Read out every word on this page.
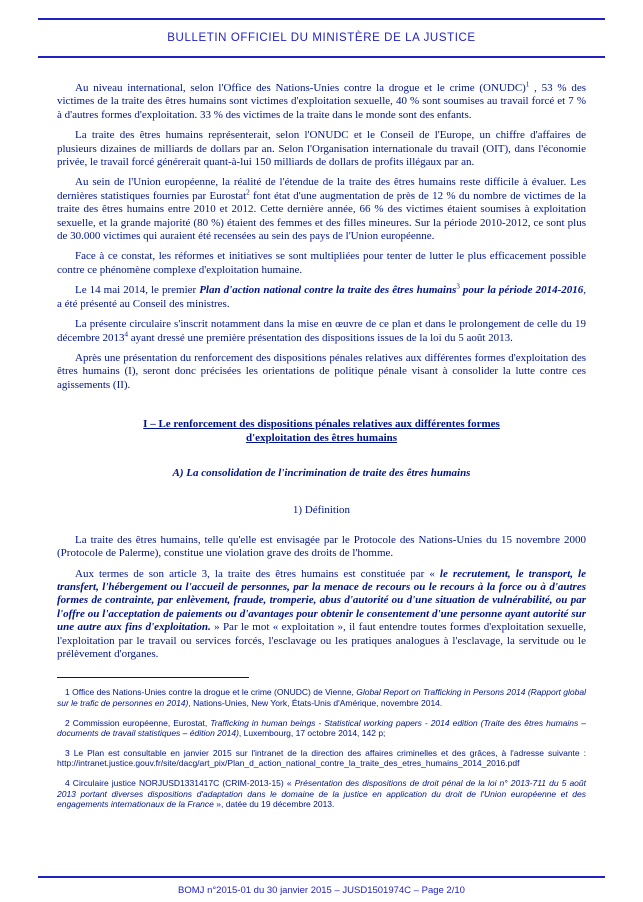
BULLETIN OFFICIEL DU MINISTÈRE DE LA JUSTICE

Au niveau international, selon l'Office des Nations-Unies contre la drogue et le crime (ONUDC)$^1$ , 53 % des victimes de la traite des êtres humains sont victimes d'exploitation sexuelle, 40 % sont soumises au travail forcé et 7 % à d'autres formes d'exploitation. 33 % des victimes de la traite dans le monde sont des enfants.

La traite des êtres humains représenterait, selon l'ONUDC et le Conseil de l'Europe, un chiffre d'affaires de plusieurs dizaines de milliards de dollars par an. Selon l'Organisation internationale du travail (OIT), dans l'économie privée, le travail forcé générerait quant-à-lui 150 milliards de dollars de profits illégaux par an.

Au sein de l'Union européenne, la réalité de l'étendue de la traite des êtres humains reste difficile à évaluer. Les dernières statistiques fournies par Eurostat$^2$ font état d'une augmentation de près de 12 % du nombre de victimes de la traite des êtres humains entre 2010 et 2012. Cette dernière année, 66 % des victimes étaient soumises à exploitation sexuelle, et la grande majorité (80 %) étaient des femmes et des filles mineures. Sur la période 2010-2012, ce sont plus de 30.000 victimes qui auraient été recensées au sein des pays de l'Union européenne.

Face à ce constat, les réformes et initiatives se sont multipliées pour tenter de lutter le plus efficacement possible contre ce phénomène complexe d'exploitation humaine.

Le 14 mai 2014, le premier Plan d'action national contre la traite des êtres humains$^3$ pour la période 2014-2016, a été présenté au Conseil des ministres.

La présente circulaire s'inscrit notamment dans la mise en œuvre de ce plan et dans le prolongement de celle du 19 décembre 2013$^4$ ayant dressé une première présentation des dispositions issues de la loi du 5 août 2013.

Après une présentation du renforcement des dispositions pénales relatives aux différentes formes d'exploitation des êtres humains (I), seront donc précisées les orientations de politique pénale visant à consolider la lutte contre ces agissements (II).

I – Le renforcement des dispositions pénales relatives aux différentes formes d'exploitation des êtres humains

A) La consolidation de l'incrimination de traite des êtres humains

1) Définition

La traite des êtres humains, telle qu'elle est envisagée par le Protocole des Nations-Unies du 15 novembre 2000 (Protocole de Palerme), constitue une violation grave des droits de l'homme.

Aux termes de son article 3, la traite des êtres humains est constituée par « le recrutement, le transport, le transfert, l'hébergement ou l'accueil de personnes, par la menace de recours ou le recours à la force ou à d'autres formes de contrainte, par enlèvement, fraude, tromperie, abus d'autorité ou d'une situation de vulnérabilité, ou par l'offre ou l'acceptation de paiements ou d'avantages pour obtenir le consentement d'une personne ayant autorité sur une autre aux fins d'exploitation. » Par le mot « exploitation », il faut entendre toutes formes d'exploitation sexuelle, l'exploitation par le travail ou services forcés, l'esclavage ou les pratiques analogues à l'esclavage, la servitude ou le prélèvement d'organes.

1 Office des Nations-Unies contre la drogue et le crime (ONUDC) de Vienne, Global Report on Trafficking in Persons 2014 (Rapport global sur le trafic de personnes en 2014), Nations-Unies, New York, États-Unis d'Amérique, novembre 2014.

2 Commission européenne, Eurostat, Trafficking in human beings - Statistical working papers - 2014 edition (Traite des êtres humains – documents de travail statistiques – édition 2014), Luxembourg, 17 octobre 2014, 142 p;

3 Le Plan est consultable en janvier 2015 sur l'intranet de la direction des affaires criminelles et des grâces, à l'adresse suivante : http://intranet.justice.gouv.fr/site/dacg/art_pix/Plan_d_action_national_contre_la_traite_des_etres_humains_2014_2016.pdf

4 Circulaire justice NORJUSD1331417C (CRIM-2013-15) « Présentation des dispositions de droit pénal de la loi n° 2013-711 du 5 août 2013 portant diverses dispositions d'adaptation dans le domaine de la justice en application du droit de l'Union européenne et des engagements internationaux de la France », datée du 19 décembre 2013.

BOMJ n°2015-01 du 30 janvier 2015 – JUSD1501974C – Page 2/10
